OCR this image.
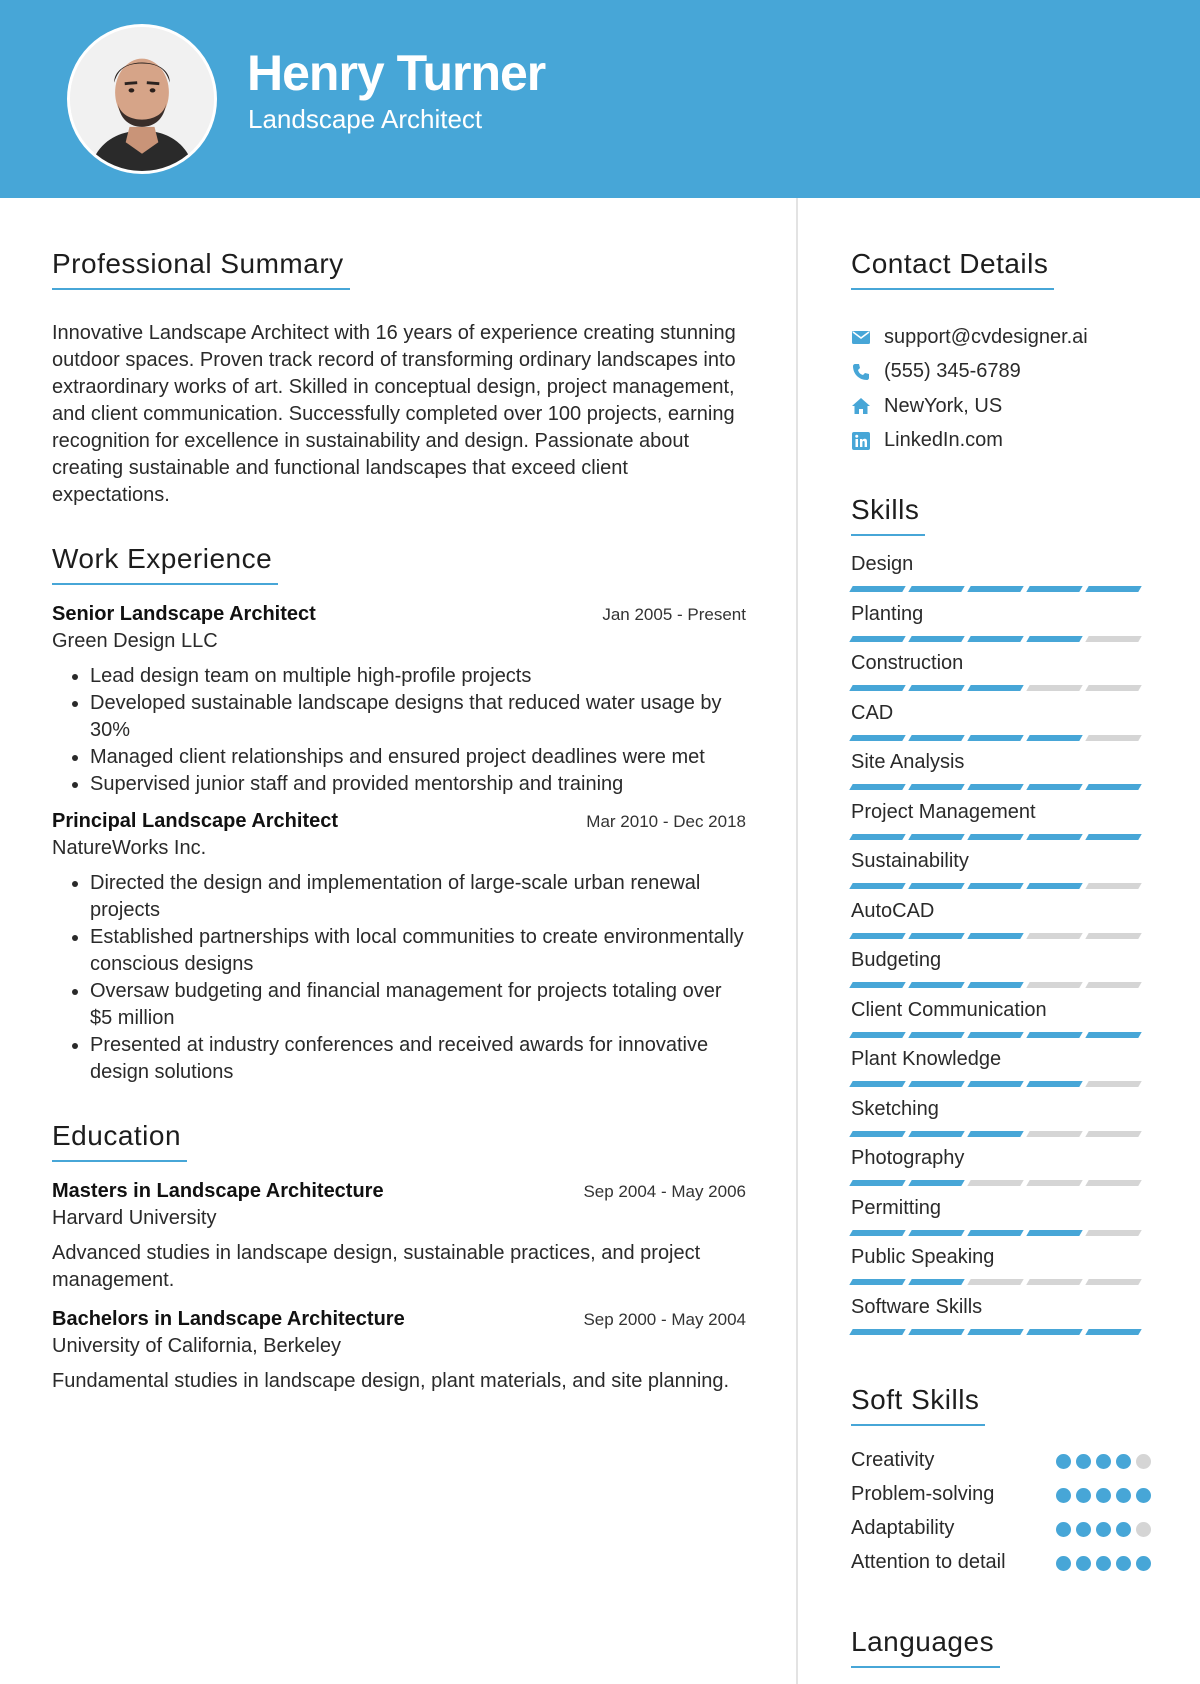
Henry Turner
Landscape Architect
Professional Summary

Innovative Landscape Architect with 16 years of experience creating stunning outdoor spaces. Proven track record of transforming ordinary landscapes into extraordinary works of art. Skilled in conceptual design, project management, and client communication. Successfully completed over 100 projects, earning recognition for excellence in sustainability and design. Passionate about creating sustainable and functional landscapes that exceed client expectations.

Work Experience
Senior Landscape Architect	Jan 2005 - Present
Green Design LLC
• Lead design team on multiple high-profile projects
• Developed sustainable landscape designs that reduced water usage by 30%
• Managed client relationships and ensured project deadlines were met
• Supervised junior staff and provided mentorship and training
Principal Landscape Architect	Mar 2010 - Dec 2018
NatureWorks Inc.
• Directed the design and implementation of large-scale urban renewal projects
• Established partnerships with local communities to create environmentally conscious designs
• Oversaw budgeting and financial management for projects totaling over $5 million
• Presented at industry conferences and received awards for innovative design solutions
Education
Masters in Landscape Architecture	Sep 2004 - May 2006
Harvard University

Advanced studies in landscape design, sustainable practices, and project management.

Bachelors in Landscape Architecture	Sep 2000 - May 2004
University of California, Berkeley

Fundamental studies in landscape design, plant materials, and site planning.

Contact Details
support@cvdesigner.ai
(555) 345-6789
NewYork, US
LinkedIn.com
Skills
Design
Planting
Construction
CAD
Site Analysis
Project Management
Sustainability
AutoCAD
Budgeting
Client Communication
Plant Knowledge
Sketching
Photography
Permitting
Public Speaking
Software Skills
Soft Skills
Creativity
Problem-solving
Adaptability
Attention to detail
Languages
